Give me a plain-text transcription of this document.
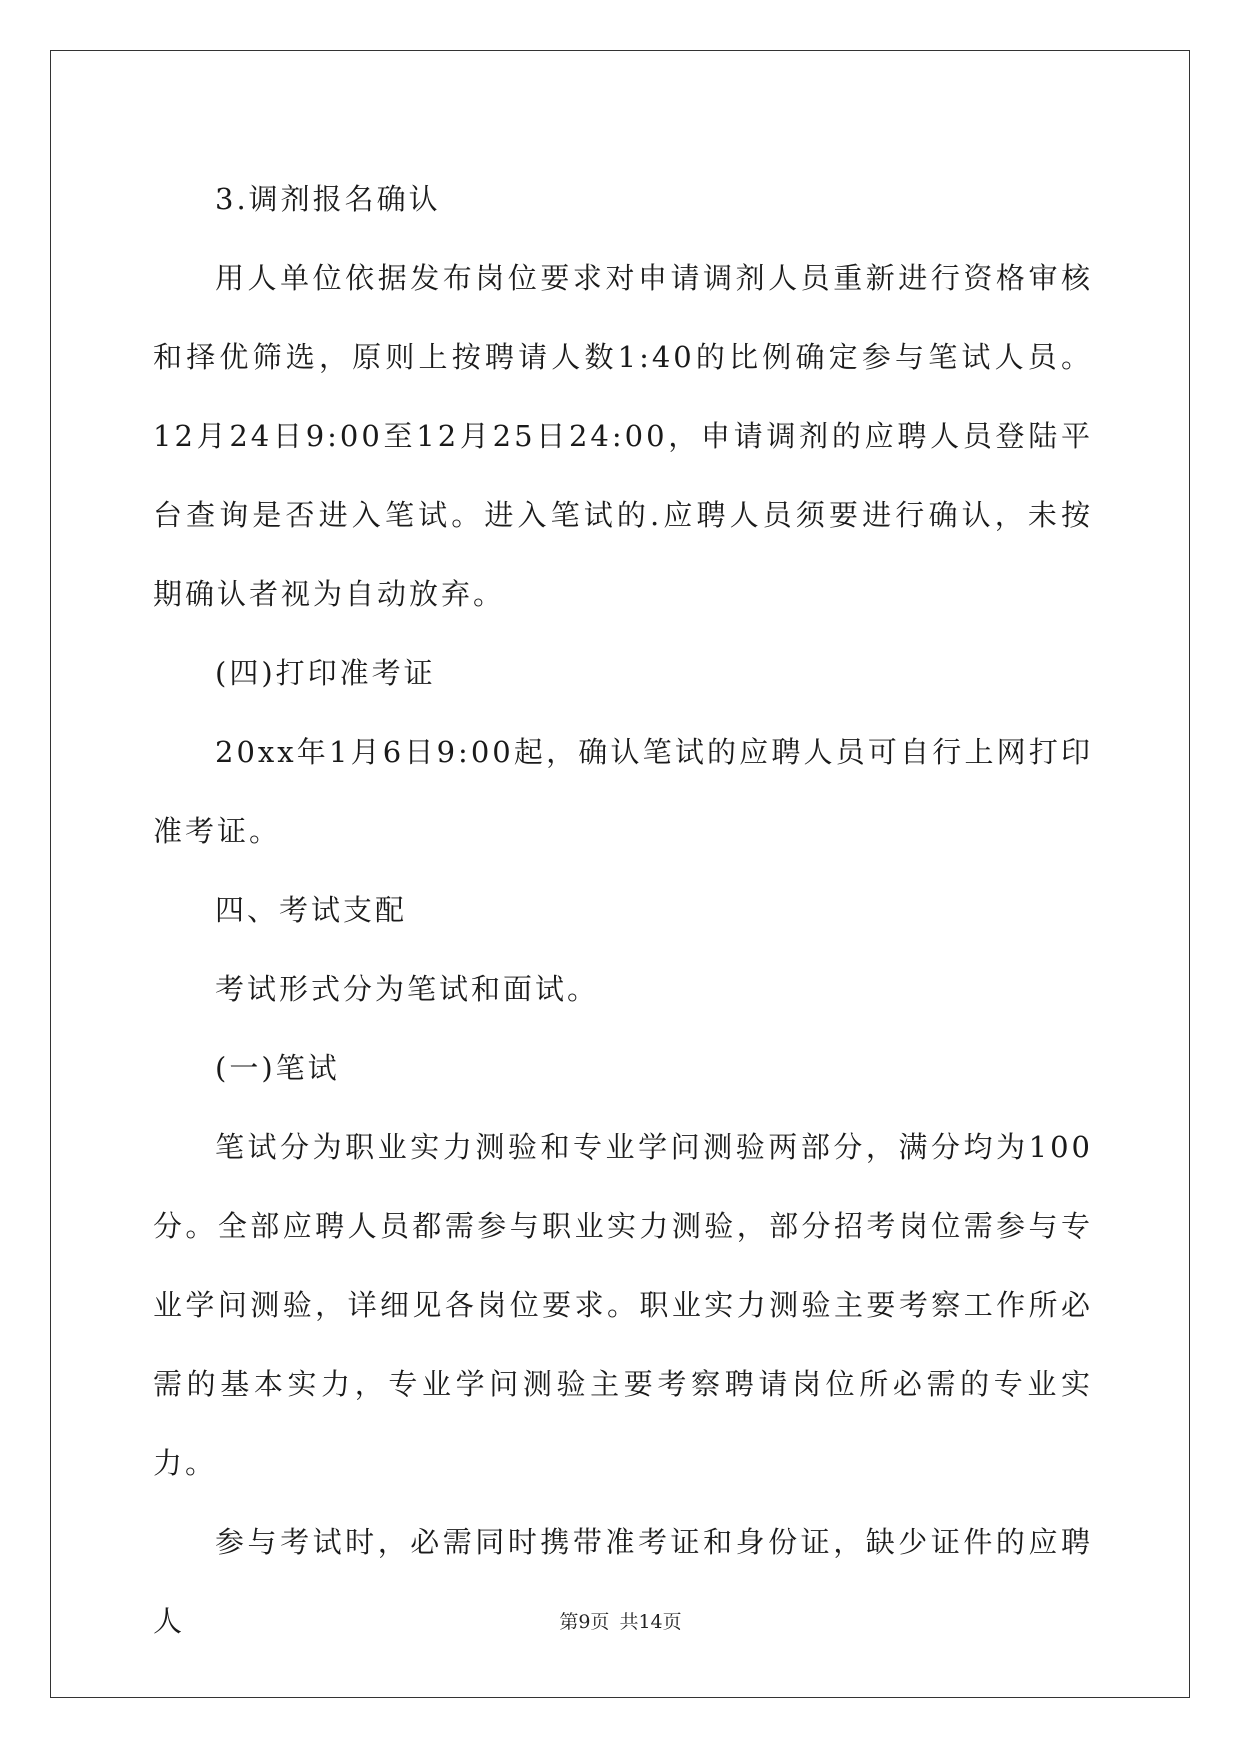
3.调剂报名确认

用人单位依据发布岗位要求对申请调剂人员重新进行资格审核和择优筛选，原则上按聘请人数1:40的比例确定参与笔试人员。12月24日9:00至12月25日24:00，申请调剂的应聘人员登陆平台查询是否进入笔试。进入笔试的.应聘人员须要进行确认，未按期确认者视为自动放弃。

(四)打印准考证

20xx年1月6日9:00起，确认笔试的应聘人员可自行上网打印准考证。

四、考试支配

考试形式分为笔试和面试。

(一)笔试

笔试分为职业实力测验和专业学问测验两部分，满分均为100分。全部应聘人员都需参与职业实力测验，部分招考岗位需参与专业学问测验，详细见各岗位要求。职业实力测验主要考察工作所必需的基本实力，专业学问测验主要考察聘请岗位所必需的专业实力。

参与考试时，必需同时携带准考证和身份证，缺少证件的应聘人	第9页 共14页
